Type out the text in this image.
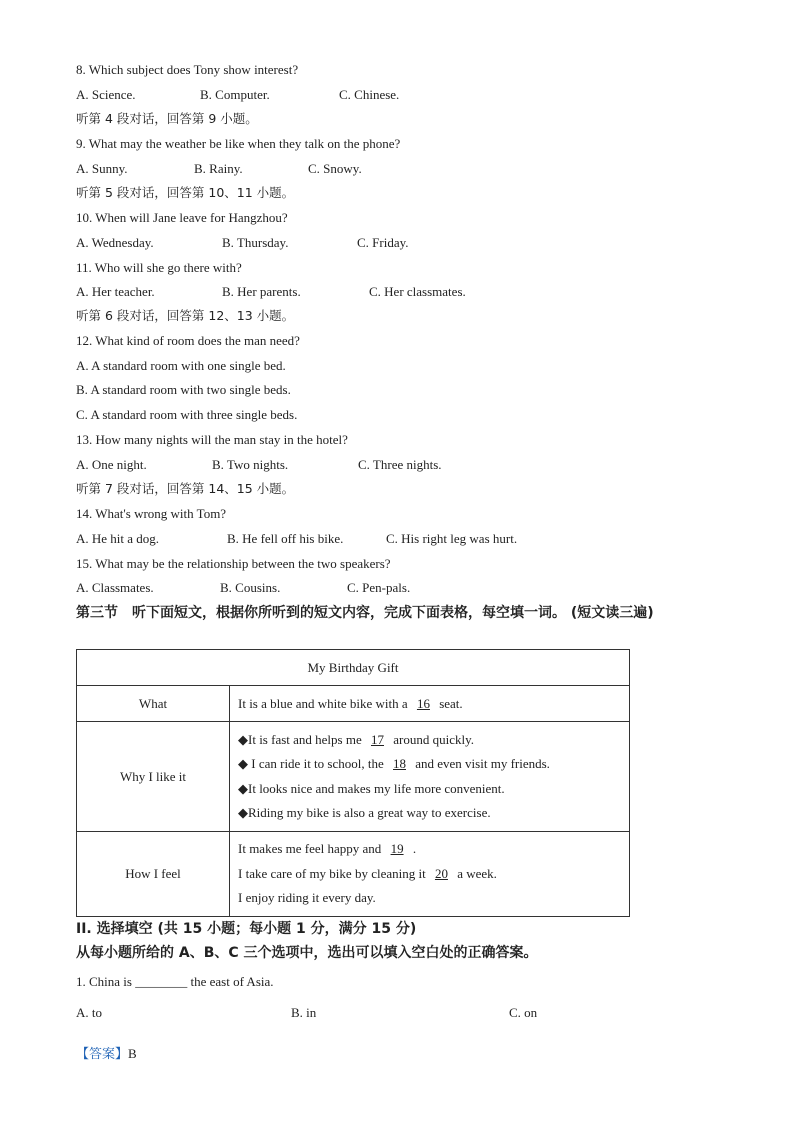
8. Which subject does Tony show interest?
A. Science.	B. Computer.	C. Chinese.
听第 4 段对话，回答第 9 小题。
9. What may the weather be like when they talk on the phone?
A. Sunny.	B. Rainy.	C. Snowy.
听第 5 段对话，回答第 10、11 小题。
10. When will Jane leave for Hangzhou?
A. Wednesday.	B. Thursday.	C. Friday.
11. Who will she go there with?
A. Her teacher.	B. Her parents.	C. Her classmates.
听第 6 段对话，回答第 12、13 小题。
12. What kind of room does the man need?
A. A standard room with one single bed.
B. A standard room with two single beds.
C. A standard room with three single beds.
13. How many nights will the man stay in the hotel?
A. One night.	B. Two nights.	C. Three nights.
听第 7 段对话，回答第 14、15 小题。
14. What's wrong with Tom?
A. He hit a dog.	B. He fell off his bike.	C. His right leg was hurt.
15. What may be the relationship between the two speakers?
A. Classmates.	B. Cousins.	C. Pen-pals.
第三节　听下面短文，根据你所听到的短文内容，完成下面表格，每空填一词。 (短文读三遍)
My Birthday Gift	
What	It is a blue and white bike with a 16 seat.
Why I like it	◆It is fast and helps me 17 around quickly.
◆ I can ride it to school, the 18 and even visit my friends.
◆It looks nice and makes my life more convenient.
◆Riding my bike is also a great way to exercise.

How I feel	It makes me feel happy and 19 .
I take care of my bike by cleaning it 20 a week.
I enjoy riding it every day.
II. 选择填空 (共 15 小题；每小题 1 分，满分 15 分)
从每小题所给的 A、B、C 三个选项中，选出可以填入空白处的正确答案。
1. China is ________ the east of Asia.
A. to	B. in	C. on
【答案】B
